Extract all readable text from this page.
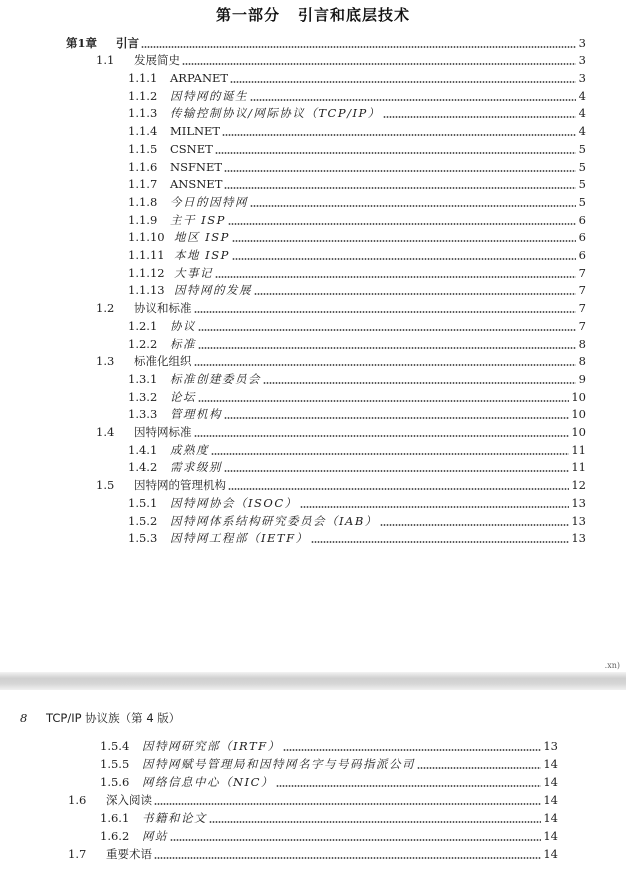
第一部分 引言和底层技术
第1章	引言	3
1.1	发展简史	3
1.1.1	ARPANET	3
1.1.2	因特网的诞生	4
1.1.3	传输控制协议/网际协议（TCP/IP）	4
1.1.4	MILNET	4
1.1.5	CSNET	5
1.1.6	NSFNET	5
1.1.7	ANSNET	5
1.1.8	今日的因特网	5
1.1.9	主干 ISP	6
1.1.10 地区 ISP	6
1.1.11 本地 ISP	6
1.1.12 大事记	7
1.1.13 因特网的发展	7
1.2	协议和标准	7
1.2.1	协议	7
1.2.2	标准	8
1.3	标准化组织	8
1.3.1	标准创建委员会	9
1.3.2	论坛	10
1.3.3	管理机构	10
1.4	因特网标准	10
1.4.1	成熟度	11
1.4.2	需求级别	11
1.5	因特网的管理机构	12
1.5.1	因特网协会（ISOC）	13
1.5.2	因特网体系结构研究委员会（IAB）	13
1.5.3	因特网工程部（IETF）	13
.xn)
8 TCP/IP 协议族（第 4 版）
1.5.4	因特网研究部（IRTF）	13
1.5.5	因特网赋号管理局和因特网名字与号码指派公司	14
1.5.6	网络信息中心（NIC）	14
1.6	深入阅读	14
1.6.1	书籍和论文	14
1.6.2	网站	14
1.7	重要术语	14
